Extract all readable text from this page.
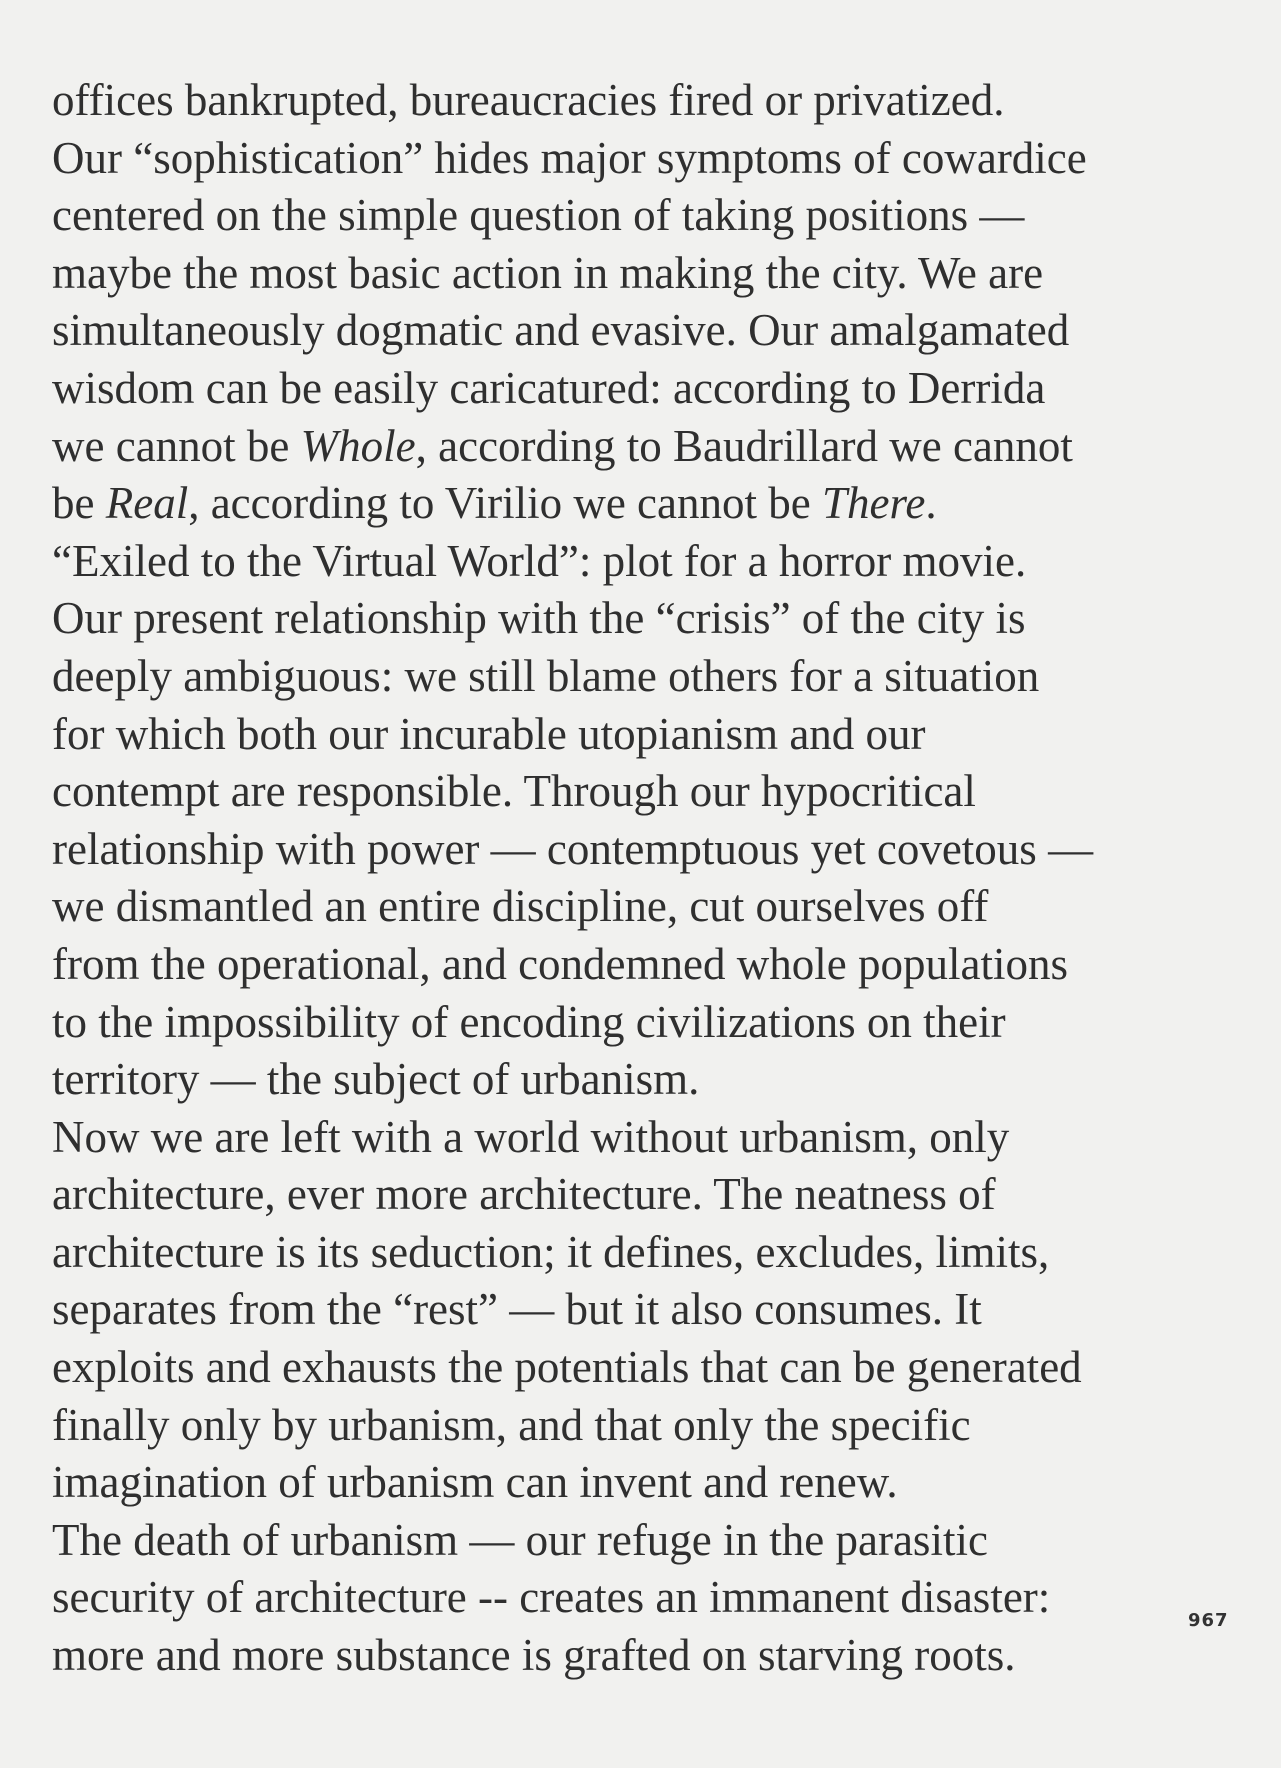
offices bankrupted, bureaucracies fired or privatized.
Our “sophistication” hides major symptoms of cowardice
centered on the simple question of taking positions —
maybe the most basic action in making the city. We are
simultaneously dogmatic and evasive. Our amalgamated
wisdom can be easily caricatured: according to Derrida
we cannot be Whole, according to Baudrillard we cannot
be Real, according to Virilio we cannot be There.
“Exiled to the Virtual World”: plot for a horror movie.
Our present relationship with the “crisis” of the city is
deeply ambiguous: we still blame others for a situation
for which both our incurable utopianism and our
contempt are responsible. Through our hypocritical
relationship with power — contemptuous yet covetous —
we dismantled an entire discipline, cut ourselves off
from the operational, and condemned whole populations
to the impossibility of encoding civilizations on their
territory — the subject of urbanism.
Now we are left with a world without urbanism, only
architecture, ever more architecture. The neatness of
architecture is its seduction; it defines, excludes, limits,
separates from the “rest” — but it also consumes. It
exploits and exhausts the potentials that can be generated
finally only by urbanism, and that only the specific
imagination of urbanism can invent and renew.
The death of urbanism — our refuge in the parasitic
security of architecture -- creates an immanent disaster:
more and more substance is grafted on starving roots.
967
